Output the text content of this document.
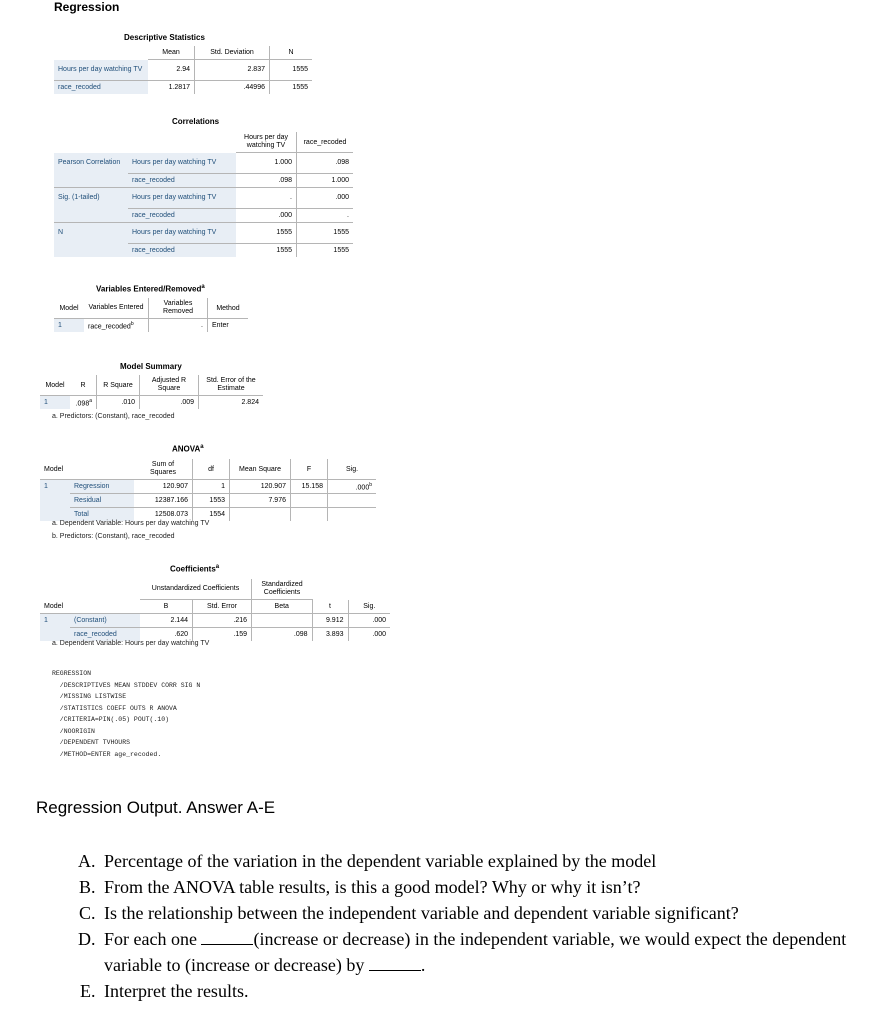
Regression
Descriptive Statistics
	Mean	Std. Deviation	N
Hours per day watching TV	2.94	2.837	1555
race_recoded	1.2817	.44996	1555
Correlations
		Hours per day watching TV	race_recoded
Pearson Correlation	Hours per day watching TV	1.000	.098
	race_recoded	.098	1.000
Sig. (1-tailed)	Hours per day watching TV	.	.000
	race_recoded	.000	.
N	Hours per day watching TV	1555	1555
	race_recoded	1555	1555
Variables Entered/Removed$^a$
Model	Variables Entered	Variables Removed	Method
1	race_recoded$^b$	.	Enter
Model Summary
Model	R	R Square	Adjusted R Square	Std. Error of the Estimate
1	.098$^a$	.010	.009	2.824
a. Predictors: (Constant), race_recoded
ANOVA$^a$
Model		Sum of Squares	df	Mean Square	F	Sig.
1	Regression	120.907	1	120.907	15.158	.000$^b$
	Residual	12387.166	1553	7.976		
	Total	12508.073	1554			
a. Dependent Variable: Hours per day watching TV
b. Predictors: (Constant), race_recoded
Coefficients$^a$
		Unstandardized Coefficients		Standardized Coefficients		
Model		B	Std. Error	Beta	t	Sig.
1	(Constant)	2.144	.216		9.912	.000
	race_recoded	.620	.159	.098	3.893	.000
a. Dependent Variable: Hours per day watching TV
REGRESSION
/DESCRIPTIVES MEAN STDDEV CORR SIG N
/MISSING LISTWISE
/STATISTICS COEFF OUTS R ANOVA
/CRITERIA=PIN(.05) POUT(.10)
/NOORIGIN
/DEPENDENT TVHOURS
/METHOD=ENTER age_recoded.
Regression Output. Answer A-E
A. Percentage of the variation in the dependent variable explained by the model
B. From the ANOVA table results, is this a good model? Why or why it isn’t?
C. Is the relationship between the independent variable and dependent variable significant?
D. For each one	(increase or decrease) in the independent variable, we would expect the dependent variable to (increase or decrease) by	.
E. Interpret the results.
